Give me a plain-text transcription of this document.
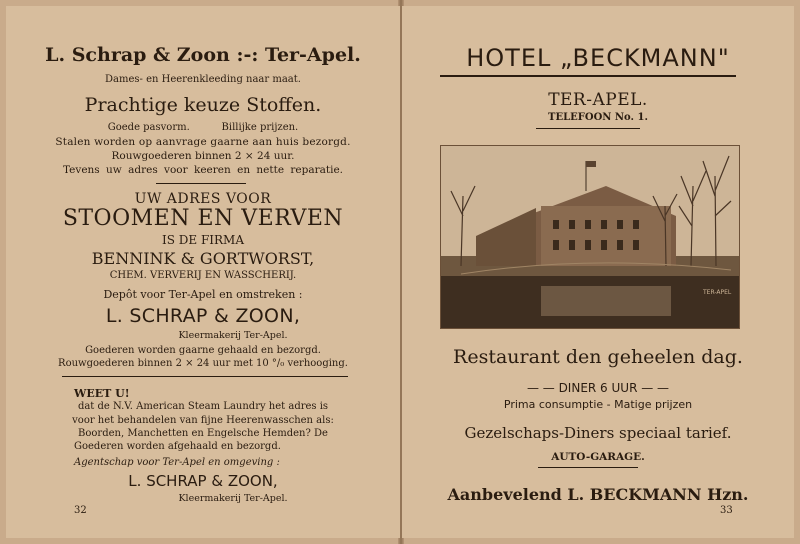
L. Schrap & Zoon :-: Ter-Apel.
Dames- en Heerenkleeding naar maat.
Prachtige keuze Stoffen.
Goede pasvorm.          Billijke prijzen.
Stalen worden op aanvrage gaarne aan huis bezorgd.
Rouwgoederen binnen 2 × 24 uur.
Tevens uw adres voor keeren en nette reparatie.
UW ADRES VOOR
STOOMEN EN VERVEN
IS DE FIRMA
BENNINK & GORTWORST,
CHEM. VERVERIJ EN WASSCHERIJ.
Depôt voor Ter-Apel en omstreken :
L. SCHRAP & ZOON,
Kleermakerij Ter-Apel.
Goederen worden gaarne gehaald en bezorgd.
Rouwgoederen binnen 2 × 24 uur met 10 °/₀ verhooging.
WEET U!
dat de N.V. American Steam Laundry het adres is
voor het behandelen van fijne Heerenwasschen als:
Boorden, Manchetten en Engelsche Hemden? De
Goederen worden afgehaald en bezorgd.
Agentschap voor Ter-Apel en omgeving :
L. SCHRAP & ZOON,
Kleermakerij Ter-Apel.
32
HOTEL „BECKMANN"
TER-APEL.
TELEFOON No. 1.
TER-APEL
Restaurant den geheelen dag.
— — DINER 6 UUR — —
Prima consumptie - Matige prijzen
Gezelschaps-Diners speciaal tarief.
AUTO-GARAGE.
Aanbevelend L. BECKMANN Hzn.
33
